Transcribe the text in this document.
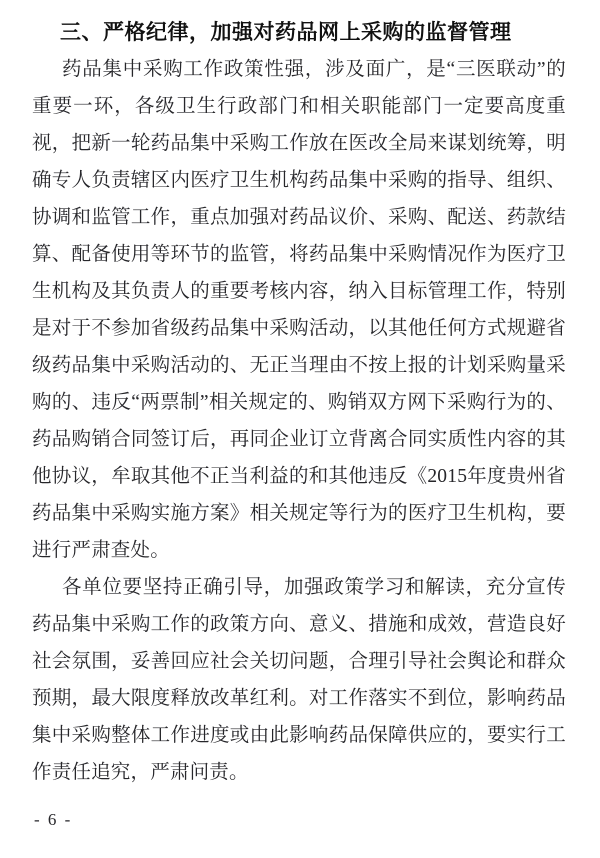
三、严格纪律，加强对药品网上采购的监督管理

药品集中采购工作政策性强，涉及面广，是“三医联动”的重要一环，各级卫生行政部门和相关职能部门一定要高度重视，把新一轮药品集中采购工作放在医改全局来谋划统筹，明确专人负责辖区内医疗卫生机构药品集中采购的指导、组织、协调和监管工作，重点加强对药品议价、采购、配送、药款结算、配备使用等环节的监管，将药品集中采购情况作为医疗卫生机构及其负责人的重要考核内容，纳入目标管理工作，特别是对于不参加省级药品集中采购活动，以其他任何方式规避省级药品集中采购活动的、无正当理由不按上报的计划采购量采购的、违反“两票制”相关规定的、购销双方网下采购行为的、药品购销合同签订后，再同企业订立背离合同实质性内容的其他协议，牟取其他不正当利益的和其他违反《2015年度贵州省药品集中采购实施方案》相关规定等行为的医疗卫生机构，要进行严肃查处。

各单位要坚持正确引导，加强政策学习和解读，充分宣传药品集中采购工作的政策方向、意义、措施和成效，营造良好社会氛围，妥善回应社会关切问题，合理引导社会舆论和群众预期，最大限度释放改革红利。对工作落实不到位，影响药品集中采购整体工作进度或由此影响药品保障供应的，要实行工作责任追究，严肃问责。

- 6 -
